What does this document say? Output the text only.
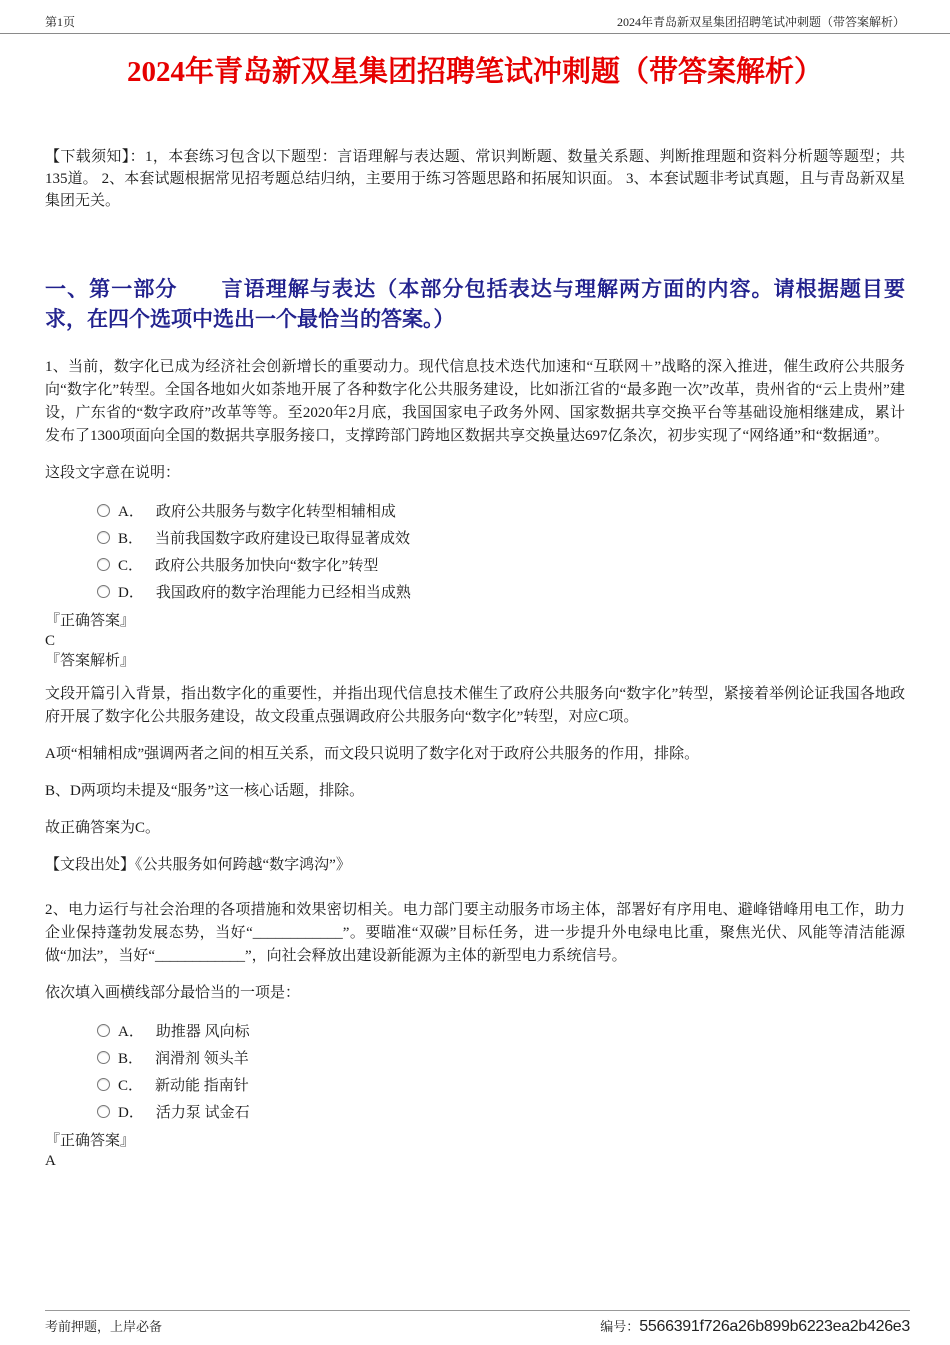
第1页	2024年青岛新双星集团招聘笔试冲刺题（带答案解析）
2024年青岛新双星集团招聘笔试冲刺题（带答案解析）

【下载须知】：1，本套练习包含以下题型：言语理解与表达题、常识判断题、数量关系题、判断推理题和资料分析题等题型；共135道。 2、本套试题根据常见招考题总结归纳，主要用于练习答题思路和拓展知识面。 3、本套试题非考试真题，且与青岛新双星集团无关。

一、第一部分　　言语理解与表达（本部分包括表达与理解两方面的内容。请根据题目要求，在四个选项中选出一个最恰当的答案。）

1、当前，数字化已成为经济社会创新增长的重要动力。现代信息技术迭代加速和“互联网＋”战略的深入推进，催生政府公共服务向“数字化”转型。全国各地如火如荼地开展了各种数字化公共服务建设，比如浙江省的“最多跑一次”改革，贵州省的“云上贵州”建设，广东省的“数字政府”改革等等。至2020年2月底，我国国家电子政务外网、国家数据共享交换平台等基础设施相继建成，累计发布了1300项面向全国的数据共享服务接口，支撑跨部门跨地区数据共享交换量达697亿条次，初步实现了“网络通”和“数据通”。

这段文字意在说明：

A． 政府公共服务与数字化转型相辅相成
B． 当前我国数字政府建设已取得显著成效
C． 政府公共服务加快向“数字化”转型
D． 我国政府的数字治理能力已经相当成熟

『正确答案』

C

『答案解析』

文段开篇引入背景，指出数字化的重要性，并指出现代信息技术催生了政府公共服务向“数字化”转型，紧接着举例论证我国各地政府开展了数字化公共服务建设，故文段重点强调政府公共服务向“数字化”转型，对应C项。

A项“相辅相成”强调两者之间的相互关系，而文段只说明了数字化对于政府公共服务的作用，排除。

B、D两项均未提及“服务”这一核心话题，排除。

故正确答案为C。

【文段出处】《公共服务如何跨越“数字鸿沟”》

2、电力运行与社会治理的各项措施和效果密切相关。电力部门要主动服务市场主体，部署好有序用电、避峰错峰用电工作，助力企业保持蓬勃发展态势，当好“____________”。要瞄准“双碳”目标任务，进一步提升外电绿电比重，聚焦光伏、风能等清洁能源做“加法”，当好“____________”，向社会释放出建设新能源为主体的新型电力系统信号。

依次填入画横线部分最恰当的一项是：

A． 助推器 风向标
B． 润滑剂 领头羊
C． 新动能 指南针
D． 活力泵 试金石

『正确答案』

A

考前押题，上岸必备	编号：5566391f726a26b899b6223ea2b426e3
